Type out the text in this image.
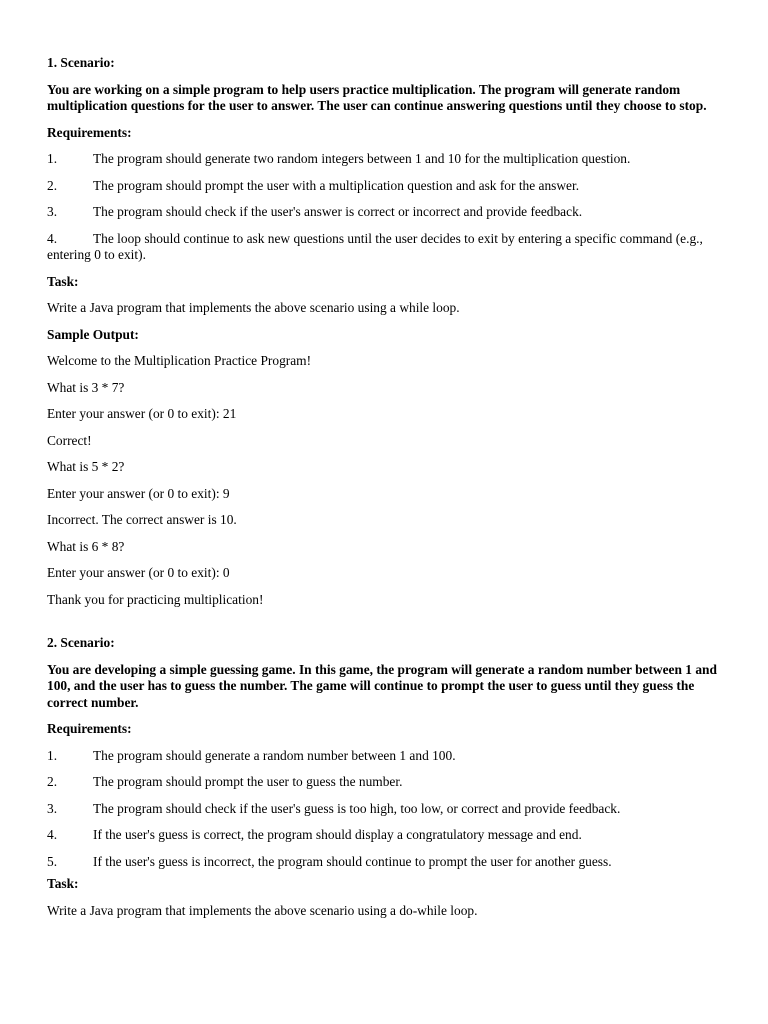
1. Scenario:

You are working on a simple program to help users practice multiplication. The program will generate random multiplication questions for the user to answer. The user can continue answering questions until they choose to stop.

Requirements:

1.	The program should generate two random integers between 1 and 10 for the multiplication question.
2.	The program should prompt the user with a multiplication question and ask for the answer.
3.	The program should check if the user's answer is correct or incorrect and provide feedback.
4.	The loop should continue to ask new questions until the user decides to exit by entering a specific command (e.g., entering 0 to exit).

Task:

Write a Java program that implements the above scenario using a while loop.

Sample Output:

Welcome to the Multiplication Practice Program!

What is 3 * 7?

Enter your answer (or 0 to exit): 21

Correct!

What is 5 * 2?

Enter your answer (or 0 to exit): 9

Incorrect. The correct answer is 10.

What is 6 * 8?

Enter your answer (or 0 to exit): 0

Thank you for practicing multiplication!

2. Scenario:

You are developing a simple guessing game. In this game, the program will generate a random number between 1 and 100, and the user has to guess the number. The game will continue to prompt the user to guess until they guess the correct number.

Requirements:

1.	The program should generate a random number between 1 and 100.
2.	The program should prompt the user to guess the number.
3.	The program should check if the user's guess is too high, too low, or correct and provide feedback.
4.	If the user's guess is correct, the program should display a congratulatory message and end.
5.	If the user's guess is incorrect, the program should continue to prompt the user for another guess.

Task:

Write a Java program that implements the above scenario using a do-while loop.
